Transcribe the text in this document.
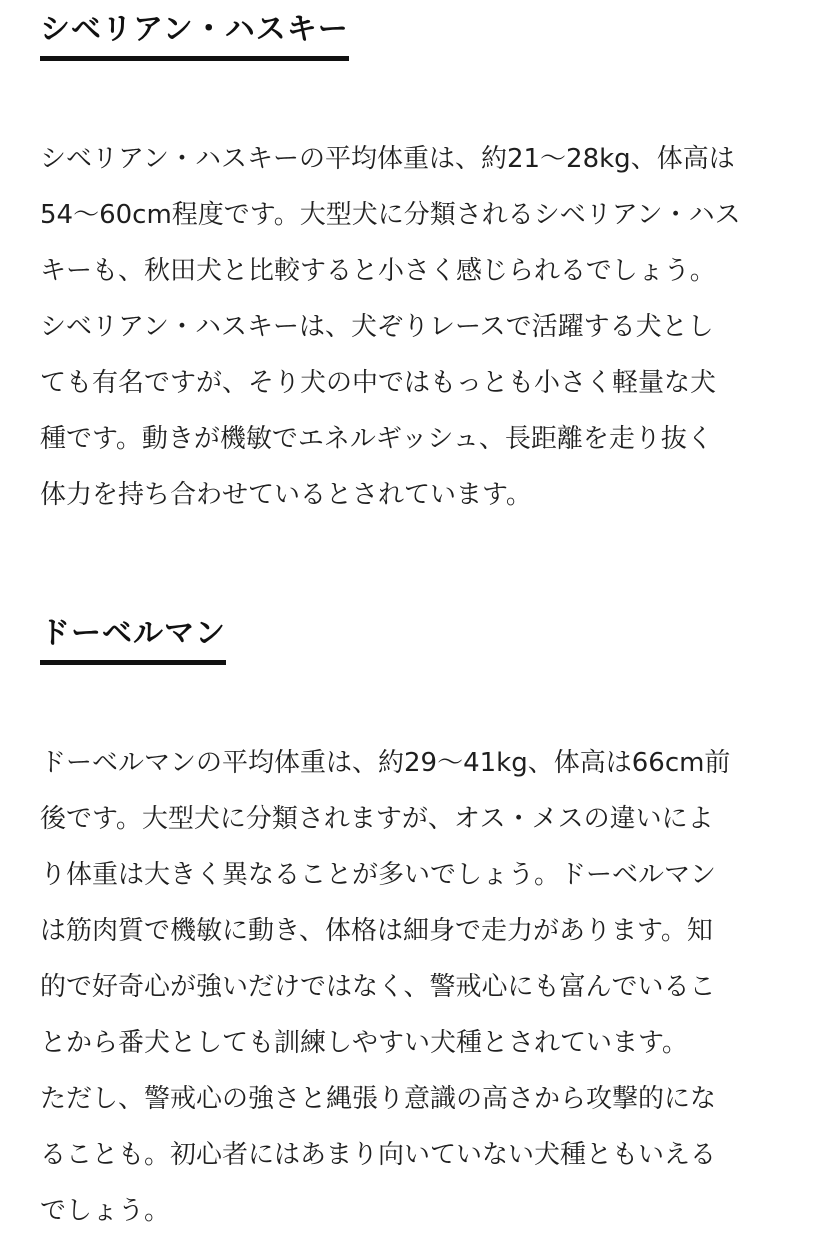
シベリアン・ハスキー

シベリアン・ハスキーの平均体重は、約21〜28kg、体高は
54〜60cm程度です。大型犬に分類されるシベリアン・ハス
キーも、秋田犬と比較すると小さく感じられるでしょう。
シベリアン・ハスキーは、犬ぞりレースで活躍する犬とし
ても有名ですが、そり犬の中ではもっとも小さく軽量な犬
種です。動きが機敏でエネルギッシュ、長距離を走り抜く
体力を持ち合わせているとされています。

ドーベルマン

ドーベルマンの平均体重は、約29〜41kg、体高は66cm前
後です。大型犬に分類されますが、オス・メスの違いによ
り体重は大きく異なることが多いでしょう。ドーベルマン
は筋肉質で機敏に動き、体格は細身で走力があります。知
的で好奇心が強いだけではなく、警戒心にも富んでいるこ
とから番犬としても訓練しやすい犬種とされています。
ただし、警戒心の強さと縄張り意識の高さから攻撃的にな
ることも。初心者にはあまり向いていない犬種ともいえる
でしょう。
